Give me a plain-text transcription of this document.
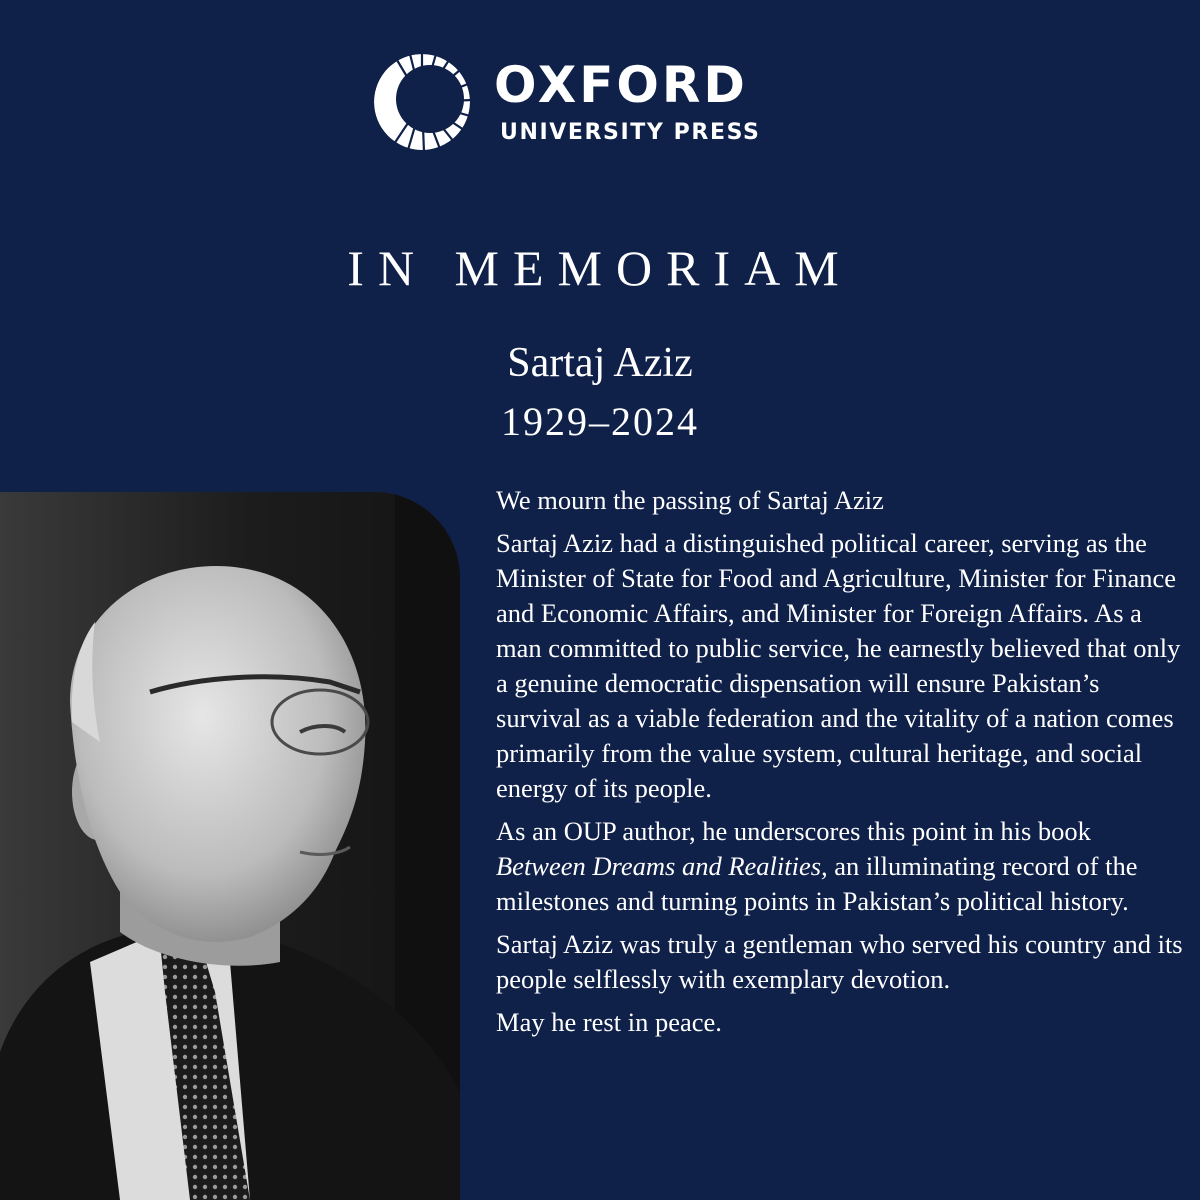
OXFORD
UNIVERSITY PRESS
IN MEMORIAM
Sartaj Aziz
1929–2024

We mourn the passing of Sartaj Aziz

Sartaj Aziz had a distinguished political career, serving as the Minister of State for Food and Agriculture, Minister for Finance and Economic Affairs, and Minister for Foreign Affairs. As a man committed to public service, he earnestly believed that only a genuine democratic dispensation will ensure Pakistan’s survival as a viable federation and the vitality of a nation comes primarily from the value system, cultural heritage, and social energy of its people.

As an OUP author, he underscores this point in his book Between Dreams and Realities, an illuminating record of the milestones and turning points in Pakistan’s political history.

Sartaj Aziz was truly a gentleman who served his country and its people selflessly with exemplary devotion.

May he rest in peace.
